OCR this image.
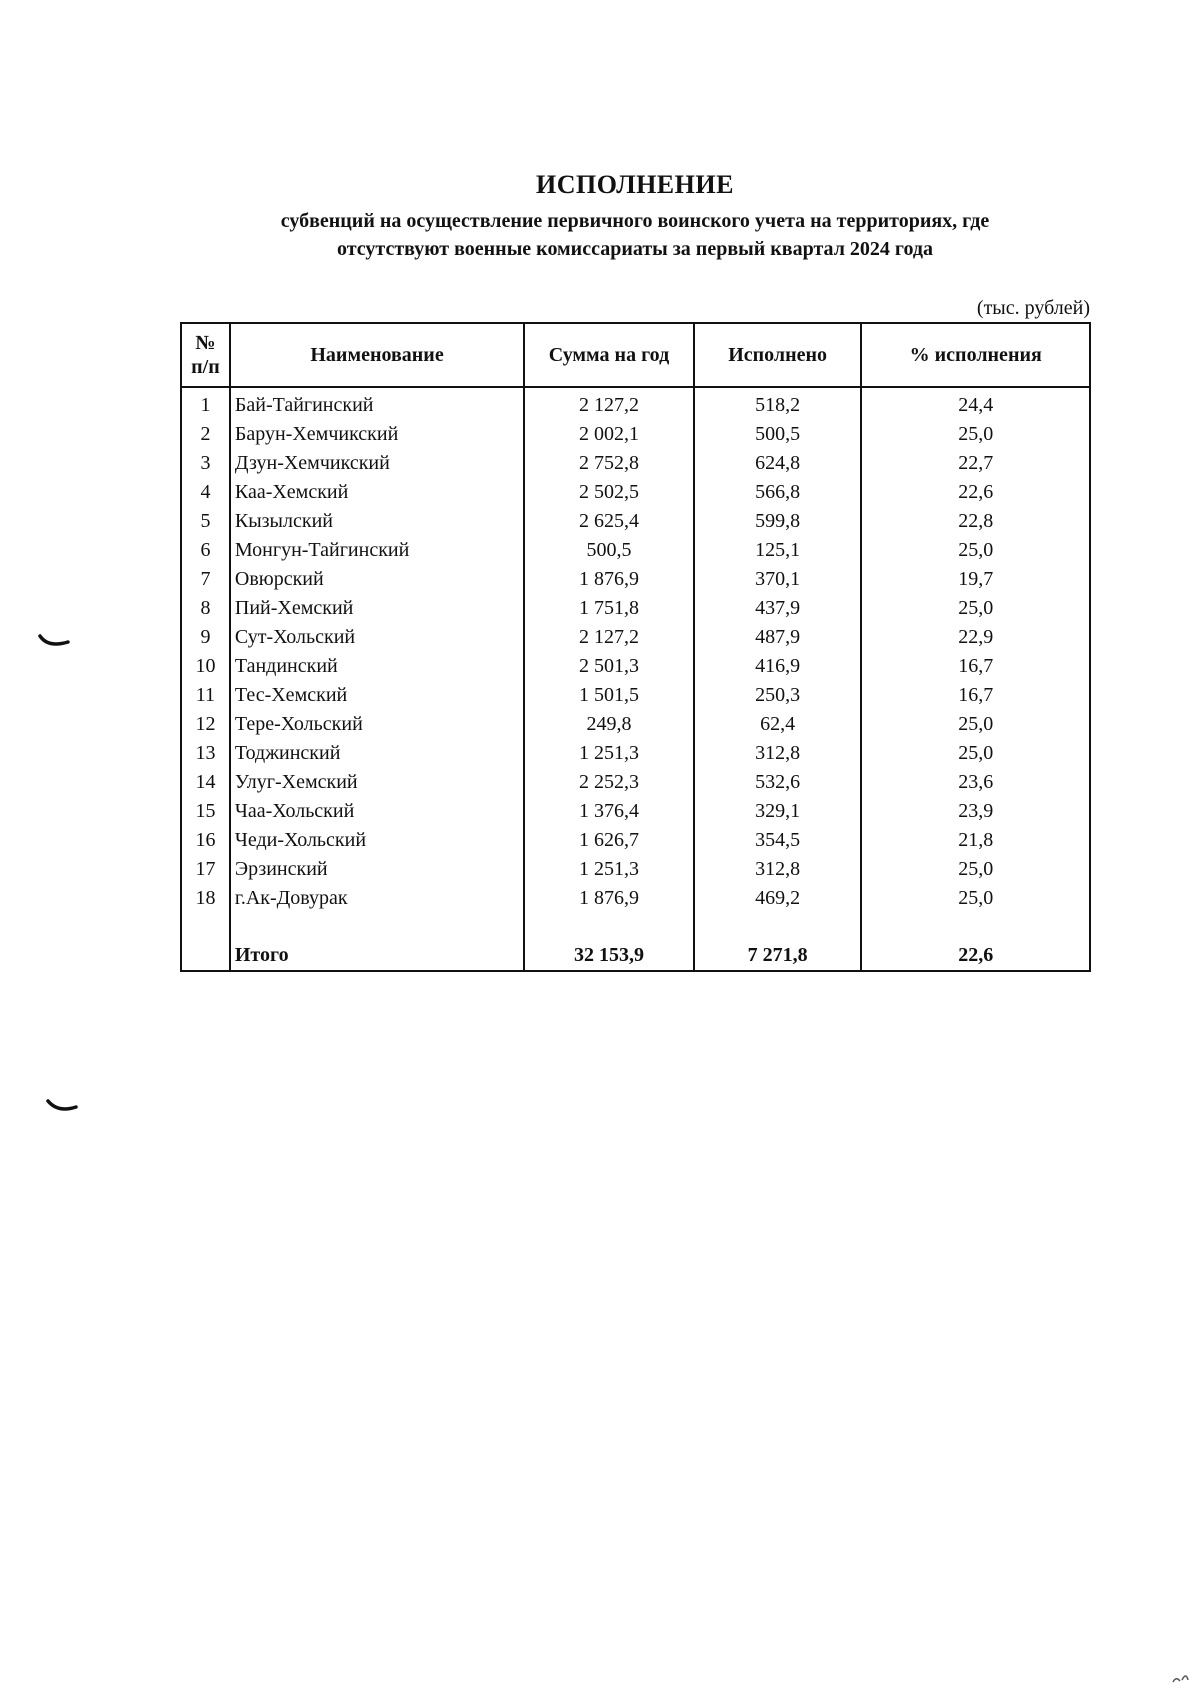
ИСПОЛНЕНИЕ
субвенций на осуществление первичного воинского учета на территориях, где
отсутствуют военные комиссариаты за первый квартал 2024 года
(тыс. рублей)
№
п/п	Наименование	Сумма на год	Исполнено	% исполнения
1	Бай-Тайгинский	2 127,2	518,2	24,4
2	Барун-Хемчикский	2 002,1	500,5	25,0
3	Дзун-Хемчикский	2 752,8	624,8	22,7
4	Каа-Хемский	2 502,5	566,8	22,6
5	Кызылский	2 625,4	599,8	22,8
6	Монгун-Тайгинский	500,5	125,1	25,0
7	Овюрский	1 876,9	370,1	19,7
8	Пий-Хемский	1 751,8	437,9	25,0
9	Сут-Хольский	2 127,2	487,9	22,9
10	Тандинский	2 501,3	416,9	16,7
11	Тес-Хемский	1 501,5	250,3	16,7
12	Тере-Хольский	249,8	62,4	25,0
13	Тоджинский	1 251,3	312,8	25,0
14	Улуг-Хемский	2 252,3	532,6	23,6
15	Чаа-Хольский	1 376,4	329,1	23,9
16	Чеди-Хольский	1 626,7	354,5	21,8
17	Эрзинский	1 251,3	312,8	25,0
18	г.Ак-Довурак	1 876,9	469,2	25,0

	Итого	32 153,9	7 271,8	22,6
